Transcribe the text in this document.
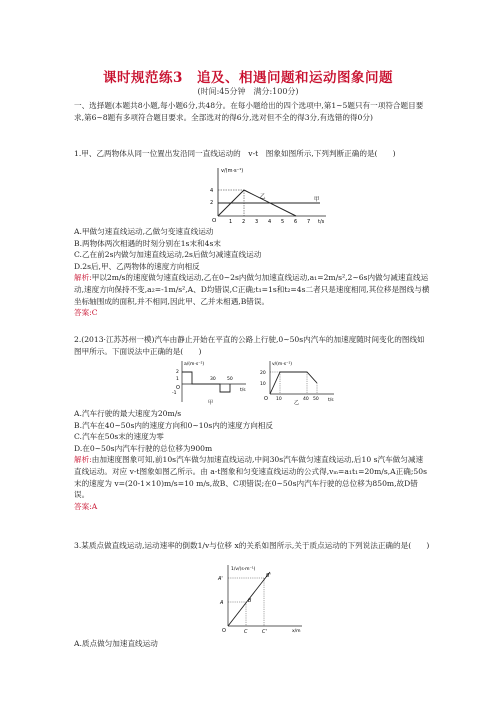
课时规范练3　追及、相遇问题和运动图象问题
(时间:45分钟　满分:100分)
一、选择题(本题共8小题,每小题6分,共48分。在每小题给出的四个选项中,第1~5题只有一项符合题目要求,第6~8题有多项符合题目要求。全部选对的得6分,选对但不全的得3分,有选错的得0分)
1.甲、乙两物体从同一位置出发沿同一直线运动的　v-t　图象如图所示,下列判断正确的是(　　)
v/(m·s⁻¹)
t/s
O
2
4
1 2 3 4 5 6 7
乙	甲
A.甲做匀速直线运动,乙做匀变速直线运动
B.两物体两次相遇的时刻分别在1s末和4s末
C.乙在前2s内做匀加速直线运动,2s后做匀减速直线运动
D.2s后,甲、乙两物体的速度方向相反
解析:甲以2m/s的速度做匀速直线运动,乙在0~2s内做匀加速直线运动,a₁=2m/s²,2~6s内做匀减速直线运动,速度方向保持不变,a₂=-1m/s²,A、D均错误,C正确;t₁=1s和t₂=4s二者只是速度相同,其位移是图线与横坐标轴围成的面积,并不相同,因此甲、乙并未相遇,B错误。
答案:C
2.(2013·江苏苏州一模)汽车由静止开始在平直的公路上行驶,0~50s内汽车的加速度随时间变化的图线如图甲所示。下面说法中正确的是(　　)
a/(m·s⁻²)
t/s
O
2
1
-1
30	50
甲
v/(m·s⁻¹)
t/s
O
20
10
10	40 50
乙
A.汽车行驶的最大速度为20m/s
B.汽车在40~50s内的速度方向和0~10s内的速度方向相反
C.汽车在50s末的速度为零
D.在0~50s内汽车行驶的总位移为900m
解析:由加速度图象可知,前10s汽车做匀加速直线运动,中间30s汽车做匀速直线运动,后10 s汽车做匀减速直线运动。对应 v-t图象如图乙所示。由 a-t图象和匀变速直线运动的公式得,vₘ=a₁t₁=20m/s,A正确;50s末的速度为 v=(20-1×10)m/s=10 m/s,故B、C项错误;在0~50s内汽车行驶的总位移为850m,故D错误。
答案:A
3.某质点做直线运动,运动速率的倒数1/v与位移 x的关系如图所示,关于质点运动的下列说法正确的是(　　)
1/v/(s·m⁻¹)
x/m
O
A'	B'
A	B
C	C'
A.质点做匀加速直线运动
